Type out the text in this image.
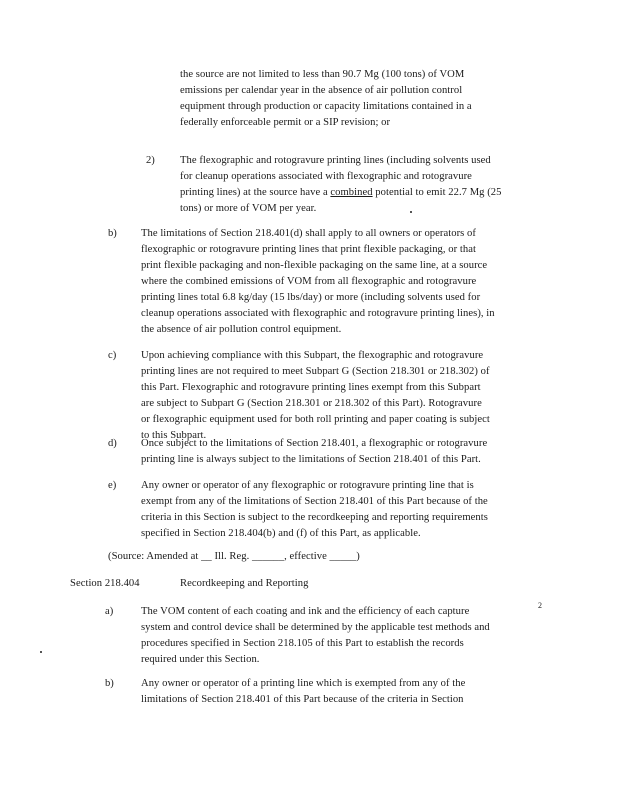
the source are not limited to less than 90.7 Mg (100 tons) of VOM
emissions per calendar year in the absence of air pollution control
equipment through production or capacity limitations contained in a
federally enforceable permit or a SIP revision; or
2) The flexographic and rotogravure printing lines (including solvents used
for cleanup operations associated with flexographic and rotogravure
printing lines) at the source have a combined potential to emit 22.7 Mg (25
tons) or more of VOM per year.
b) The limitations of Section 218.401(d) shall apply to all owners or operators of
flexographic or rotogravure printing lines that print flexible packaging, or that
print flexible packaging and non-flexible packaging on the same line, at a source
where the combined emissions of VOM from all flexographic and rotogravure
printing lines total 6.8 kg/day (15 lbs/day) or more (including solvents used for
cleanup operations associated with flexographic and rotogravure printing lines), in
the absence of air pollution control equipment.
c) Upon achieving compliance with this Subpart, the flexographic and rotogravure
printing lines are not required to meet Subpart G (Section 218.301 or 218.302) of
this Part. Flexographic and rotogravure printing lines exempt from this Subpart
are subject to Subpart G (Section 218.301 or 218.302 of this Part). Rotogravure
or flexographic equipment used for both roll printing and paper coating is subject
to this Subpart.
d) Once subject to the limitations of Section 218.401, a flexographic or rotogravure
printing line is always subject to the limitations of Section 218.401 of this Part.
e) Any owner or operator of any flexographic or rotogravure printing line that is
exempt from any of the limitations of Section 218.401 of this Part because of the
criteria in this Section is subject to the recordkeeping and reporting requirements
specified in Section 218.404(b) and (f) of this Part, as applicable.
(Source: Amended at __ Ill. Reg. ______, effective _____)
Section 218.404	Recordkeeping and Reporting
a)	The VOM content of each coating and ink and the efficiency of each capture
system and control device shall be determined by the applicable test methods and
procedures specified in Section 218.105 of this Part to establish the records
required under this Section.
b)	Any owner or operator of a printing line which is exempted from any of the
limitations of Section 218.401 of this Part because of the criteria in Section
2
